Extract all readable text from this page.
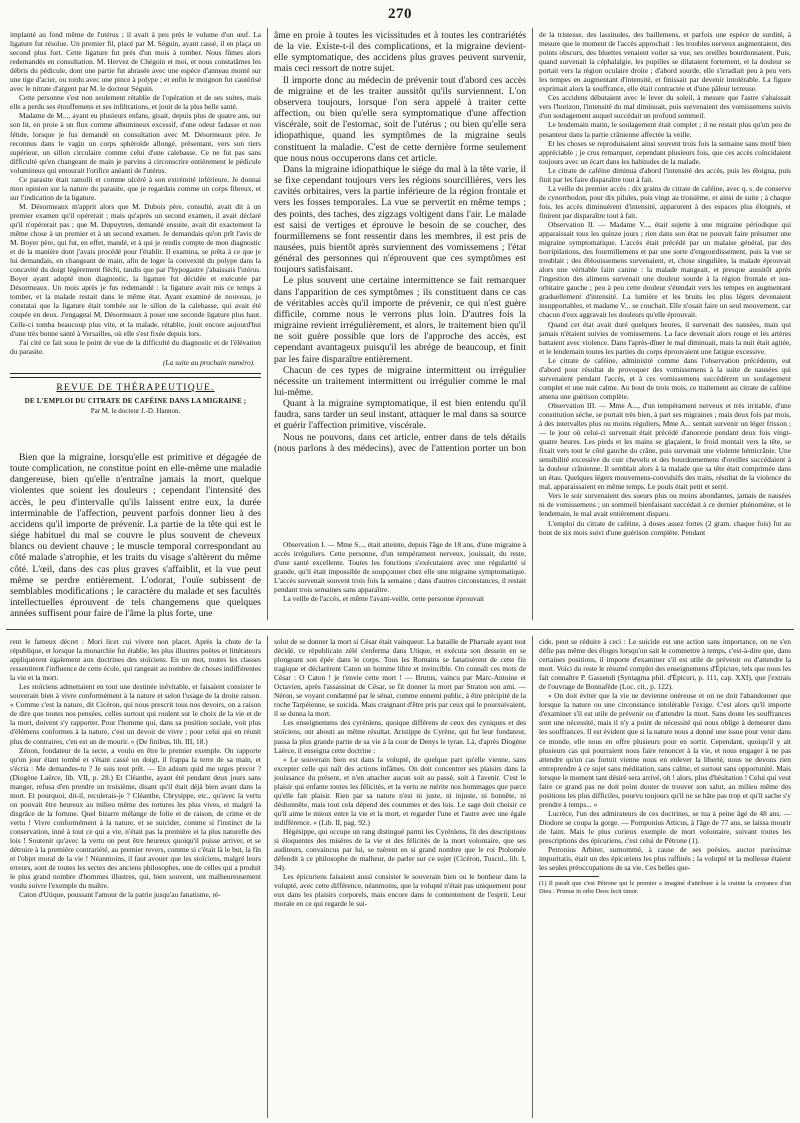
270

implanté au fond même de l'utérus ; il avait à peu près le volume d'un œuf. La ligature fut résolue. Un premier fil, placé par M. Séguin, ayant cassé, il en plaça un second plus fort. Cette ligature fut prés d'un mois à tomber. Nous fûmes alors redemandés en consultation. M. Hervez de Chégoin et moi, et nous constatâmes les débris du pédicule, dont une partie fut abrasée avec une espèce d'anneau monté sur une tige d'acier, ou tordu avec une pince à polype ; et enfin le moignon fut cautérisé avec le nitrate d'argent par M. le docteur Séguin.

Cette personne s'est non seulement rétablie de l'opération et de ses suites, mais elle a perdu ses étouffemens et ses infiltrations, et jouit de la plus belle santé.

Madame de M..., ayant eu plusieurs enfans, gisait, depuis plus de quatre ans, sur son lit, en proie à un flux comme albumineux excessif, d'une odeur fadasse et non fétide, lorsque je fus demandé en consultation avec M. Désormeaux père. Je reconnus dans le vagin un corps sphéroïde allongé, présentant, vers son tiers supérieur, un sillon circulaire comme celui d'une calebasse. Ce ne fut pas sans difficulté qu'en changeant de main je parvins à circonscrire entièrement le pédicule volumineux qui entourait l'orifice anéanti de l'utérus.

Ce parasite était ramolli et comme ulcéré à son extrémité inférieure. Je donnai mon opinion sur la nature du parasite, que je regardais comme un corps fibreux, et sur l'indication de la ligature.

M. Désormeaux m'apprit alors que M. Dubois père, consulté, avait dit à un premier examen qu'il opérerait ; mais qu'après un second examen, il avait déclaré qu'il n'opérerait pas ; que M. Dupuytren, demandé ensuite, avait dit exactement la même chose à un premier et à un second examen. Je demandais qu'on prît l'avis de M. Boyer père, qui fut, en effet, mandé, et à qui je rendis compte de mon diagnostic et de la manière dont j'avais procédé pour l'établir. Il examina, se prêta à ce que je lui demandais, en changeant de main, afin de loger la convexité du polype dans la concavité du doigt légèrement fléchi, tandis que par l'hypogastre j'abaissais l'utérus. Boyer ayant adopté mon diagnostic, la ligature fut décidée et exécutée par Désormeaux. Un mois après je fus redemandé : la ligature avait mis ce temps à tomber, et la malade restait dans le même état. Ayant examiné de nouveau, je constatai que la ligature était tombée sur le sillon de la calebasse, qui avait été coupée en deux. J'engageai M. Désormeaux à poser une seconde ligature plus haut. Celle-ci tomba beaucoup plus vite, et la malade, rétablie, jouit encore aujourd'hui d'une très bonne santé à Versailles, où elle s'est fixée depuis lors.

J'ai cité ce fait sous le point de vue de la difficulté du diagnostic et de l'élévation du parasite.

(La suite au prochain numéro).
REVUE DE THÉRAPEUTIQUE.
DE L'EMPLOI DU CITRATE DE CAFÉINE DANS LA MIGRAINE ;
Par M. le docteur J.-D. Hannon.

Bien que la migraine, lorsqu'elle est primitive et dégagée de toute complication, ne constitue point en elle-même une maladie dangereuse, bien qu'elle n'entraîne jamais la mort, quelque violentes que soient les douleurs ; cependant l'intensité des accès, le peu d'intervalle qu'ils laissent entre eux, la durée interminable de l'affection, peuvent parfois donner lieu à des accidens qu'il importe de prévenir. La partie de la tête qui est le siége habituel du mal se couvre le plus souvent de cheveux blancs ou devient chauve ; le muscle temporal correspondant au côté malade s'atrophie, et les traits du visage s'altèrent du même côté. L'œil, dans des cas plus graves s'affaiblit, et la vue peut même se perdre entièrement. L'odorat, l'ouïe subissent de semblables modifications ; le caractère du malade et ses facultés intellectuelles éprouvent de tels changemens que quelques années suffisent pour faire de l'âme la plus forte, une

âme en proie à toutes les vicissitudes et à toutes les contrariétés de la vie. Existe-t-il des complications, et la migraine devient-elle symptomatique, des accidens plus graves peuvent survenir, mais ceci ressort de notre sujet.

Il importe donc au médecin de prévenir tout d'abord ces accès de migraine et de les traiter aussitôt qu'ils surviennent. L'on observera toujours, lorsque l'on sera appelé à traiter cette affection, ou bien qu'elle sera symptomatique d'une affection viscérale, soit de l'estomac, soit de l'utérus ; ou bien qu'elle sera idiopathique, quand les symptômes de la migraine seuls constituent la maladie. C'est de cette dernière forme seulement que nous nous occuperons dans cet article.

Dans la migraine idiopathique le siége du mal à la tête varie, il se fixe cependant toujours vers les régions sourcillières, vers les cavités orbitaires, vers la partie inférieure de la région frontale et vers les fosses temporales. La vue se pervertit en même temps ; des points, des taches, des zigzags voltigent dans l'air. Le malade est saisi de vertiges et éprouve le besoin de se coucher, des fourmillemens se font ressentir dans les membres, il est pris de nausées, puis bientôt après surviennent des vomissemens ; l'état général des personnes qui n'éprouvent que ces symptômes est toujours satisfaisant.

Le plus souvent une certaine intermittence se fait remarquer dans l'apparition de ces symptômes ; ils constituent dans ce cas de véritables accès qu'il importe de prévenir, ce qui n'est guère difficile, comme nous le verrons plus loin. D'autres fois la migraine revient irrégulièrement, et alors, le traitement bien qu'il ne soit guère possible que lors de l'approche des accès, est cependant avantageux puisqu'il les abrége de beaucoup, et finit par les faire disparaître entièrement.

Chacun de ces types de migraine intermittent ou irrégulier nécessite un traitement intermittent ou irrégulier comme le mal lui-même.

Quant à la migraine symptomatique, il est bien entendu qu'il faudra, sans tarder un seul instant, attaquer le mal dans sa source et guérir l'affection primitive, viscérale.

Nous ne pouvons, dans cet article, entrer dans de tels détails (nous parlons à des médecins), avec de l'attention porter un bon

Observation I. — Mme S..., était atteinte, depuis l'âge de 18 ans, d'une migraine à accès irréguliers. Cette personne, d'un tempérament nerveux, jouissait, du reste, d'une santé excellente. Toutes les fonctions s'exécutaient avec une régularité si grande, qu'il était impossible de soupçonner chez elle une migraine symptomatique. L'accès survenait souvent trois fois la semaine ; dans d'autres circonstances, il restait pendant trois semaines sans apparaître.

La veille de l'accès, et même l'avant-veille, cette personne éprouvait

de la tristesse, des lassitudes, des baillemens, et parfois une espèce de surdité, à mesure que le moment de l'accès approchait : les troubles nerveux augmentaient, des points obscurs, des bluettes venaient voiler sa vue, ses oreilles bourdonnaient. Puis, quand survenait la céphalalgie, les pupilles se dilataient fortement, et la douleur se portait vers la région oculaire droite ; d'abord sourde, elle s'irradiait peu à peu vers les tempes en augmentant d'intensité, et finissait par devenir intolérable. La figure exprimait alors la souffrance, elle était contractée et d'une pâleur terreuse.

Ces accidens débutaient avec le lever du soleil, à mesure que l'astre s'abaissait vers l'horizon, l'intensité du mal diminuait, puis survenaient des vomissemens suivis d'un soulagement auquel succédait un profond sommeil.

Le lendemain matin, le soulagement était complet ; il ne restait plus qu'un peu de pesanteur dans la partie crânienne affectée la veille.

Et les choses se reproduisaient ainsi souvent trois fois la semaine sans motif bien appréciable ; je crus remarquer, cependant plusieurs fois, que ces accès coïncidaient toujours avec un écart dans les habitudes de la malade.

Le citrate de caféine diminua d'abord l'intensité des accès, puis les éloigna, puis finit par les faire disparaître tout à fait.

La veille du premier accès : dix grains de citrate de caféine, avec q. s. de conserve de cynorrhodon, pour dix pilules, puis vingt au troisième, et ainsi de suite ; à chaque fois, les accès diminuèrent d'intensité, apparurent à des espaces plus éloignés, et finirent par disparaître tout à fait.

Observation II. — Madame V..., était sujette à une migraine périodique qui apparaissait tous les quinze jours ; rien dans son état ne pouvait faire présumer une migraine symptomatique. L'accès était précédé par un malaise général, par des horripilations, des fourmillemens et par une sorte d'engourdissement, puis la vue se troublait ; des éblouissemens survenaient, et, chose singulière, la malade éprouvait alors une véritable faim canine : la malade mangeait, et presque aussitôt après l'ingestion des alimens survenait une douleur sourde à la région frontale et sus-orbitaire gauche ; peu à peu cette douleur s'étendait vers les tempes en augmentant graduellement d'intensité. La lumière et les bruits les plus légers devenaient insupportables, et madame V... se couchait. Elle n'osait faire un seul mouvement, car chacun d'eux aggravait les douleurs qu'elle éprouvait.

Quand cet état avait duré quelques heures, il survenait des nausées, mais qui jamais n'étaient suivies de vomissemens. La face devenait alors rouge et les artères battaient avec violence. Dans l'après-dîner le mal diminuait, mais la nuit était agitée, et le lendemain toutes les parties du corps éprouvaient une fatigue excessive.

Le citrate de caféine, administré comme dans l'observation précédente, eut d'abord pour résultat de provoquer des vomissemens à la suite de nausées qui survenaient pendant l'accès, et à ces vomissemens succédèrent un soulagement complet et une nuit calme. Au bout de trois mois, ce traitement au citrate de caféine amena une guérison complète.

Observation III. — Mme A..., d'un tempérament nerveux et très irritable, d'une constitution sèche, se portait très bien, à part ses migraines ; mais deux fois par mois, à des intervalles plus ou moins réguliers, Mme A... sentait survenir un léger frisson ; — le jour où celui-ci survenait était précédé d'anorexie pendant deux fois vingt-quatre heures. Les pieds et les mains se glaçaient, le froid montait vers la tête, se fixait vers tout le côté gauche du crâne, puis survenait une violente hémicrânie. Une sensibilité excessive du cuir chevelu et des bourdonnemens d'oreilles succédaient à la douleur crânienne. Il semblait alors à la malade que sa tête était comprimée dans un étau. Quelques légers mouvemens-convulsifs des traits, résultat de la violence du mal, apparaissaient en même temps. Le pouls était petit et serré.

Vers le soir survenaient des sueurs plus ou moins abondantes, jamais de nausées ni de vomissemens ; un sommeil bienfaisant succédait à ce dernier phénomène, et le lendemain, le mal avait entièrement disparu.

L'emploi du citrate de caféine, à doses assez fortes (2 gram. chaque fois) fut au bout de six mois suivi d'une guérison complète. Pendant

rent le fameux décret : Mori licet cui vivere non placet. Après la chute de la république, et lorsque la monarchie fut établie, les plus illustres poètes et littérateurs appliquèrent également aux doctrines des stoïciens. En un mot, toutes les classes ressentirent l'influence de cette école, qui rangeait au nombre de choses indifférentes la vie et la mort.

Les stoïciens admettaient en tout une destinée inévitable, et faisaient consister le souverain bien à vivre conformément à la nature et selon l'usage de la droite raison. « Comme c'est la nature, dit Cicéron, qui nous prescrit tous nos devoirs, on a raison de dire que toutes nos pensées, celles surtout qui roulent sur le choix de la vie et de la mort, doivent s'y rapporter. Pour l'homme qui, dans sa position sociale, voit plus d'élémens conformes à la nature, c'est un devoir de vivre ; pour celui qui en réunit plus de contraires, c'en est un de mourir. » (De finibus, lib. III, 18.)

Zénon, fondateur de la secte, a voulu en être le premier exemple. On rapporte qu'un jour étant tombé et s'étant cassé un doigt, il frappa la terre de sa main, et s'écria : Me demandes-tu ? Je suis tout prêt. — En adsum quid me urges precor ? (Diogène Laërce, lib. VII, p. 28.) Et Cléanthe, ayant été pendant deux jours sans manger, refusa d'en prendre un troisième, disant qu'il était déjà bien avant dans la mort. Et pourquoi, dit-il, reculerais-je ? Cléanthe, Chrysippe, etc., qu'avec la vertu on pouvait être heureux au milieu même des tortures les plus vives, et malgré la disgrâce de la fortune. Quel bizarre mélange de folie et de raison, de crime et de vertu ! Vivre conformément à la nature, et se suicider, comme si l'instinct de la conservation, inné à tout ce qui a vie, n'était pas la première et la plus naturelle des lois ! Soutenir qu'avec la vertu on peut être heureux quoiqu'il puisse arriver, et se détruire à la première contrariété, au premier revers, comme si c'était là le but, la fin et l'objet moral de la vie ! Néanmoins, il faut avouer que les stoïciens, malgré leurs erreurs, sont de toutes les sectes des anciens philosophes, une de celles qui a produit le plus grand nombre d'hommes illustres, qui, bien souvent, ont malheureusement voulu suivre l'exemple du maître.

Caton d'Utique, poussant l'amour de la patrie jusqu'au fanatisme, ré-

solut de se donner la mort si César était vainqueur. La bataille de Pharsale ayant tout décidé, ce républicain zélé s'enferma dans Utique, et exécuta son dessein en se plongeant son épée dans le corps. Tous les Romains se fanatisèrent de cette fin tragique et déclarèrent Caton un homme libre et invincible. On connaît ces mots de César : O Caton ! je t'envie cette mort ! — Brutus, vaincu par Marc-Antoine et Octavien, après l'assassinat de César, se fit donner la mort par Straton son ami. — Néron, se voyant condamné par le sénat, comme ennemi public, à être précipité de la roche Tarpéienne, se suicida. Mais craignant d'être pris par ceux qui le poursuivaient, il se donna la mort.

Les enseignemens des cyrénïens, quoique différens de ceux des cyniques et des stoïciens, ont abouti au même résultat. Aristippe de Cyrène, qui fut leur fondateur, passa la plus grande partie de sa vie à la cour de Denys le tyran. Là, d'après Diogène Laërce, il enseigna cette doctrine :

« Le souverain bien est dans la volupté, de quelque part qu'elle vienne, sans excepter celle qui naît des actions infâmes. On doit concentrer ses plaisirs dans la jouissance du présent, et n'en attacher aucun soit au passé, soit à l'avenir. C'est le plaisir qui enfante toutes les félicités, et la vertu ne mérite nos hommages que parce qu'elle fait plaisir. Rien par sa nature n'est ni juste, ni injuste, ni honnête, ni déshonnête, mais tout cela dépend des coutumes et des lois. Le sage doit choisir ce qu'il aime le mieux entre la vie et la mort, et regarder l'une et l'autre avec une égale indifférence. » (Lib. II, pag. 92.)

Hégésippe, qui occupe un rang distingué parmi les Cyrénïens, fit des descriptions si éloquentes des misères de la vie et des félicités de la mort volontaire, que ses auditeurs, convaincus par lui, se tuèrent en si grand nombre que le roi Ptolomée défendit à ce philosophe de malheur, de parler sur ce sujet (Cicéron, Tuscul., lib. I, 34).

Les épicuriens faisaient aussi consister le souverain bien ou le bonheur dans la volupté, avec cette différence, néanmoins, que la volupté n'était pas uniquement pour eux dans les plaisirs corporels, mais encore dans le contentement de l'esprit. Leur morale en ce qui regarde le sui-

cide, peut se réduire à ceci : Le suicide est une action sans importance, on ne s'en défie pas même des éloges lorsqu'on sait le commettre à temps, c'est-à-dire que, dans certaines positions, il importe d'examiner s'il est utile de prévenir ou d'attendre la mort. Voici du reste le résumé complet des enseignemens d'Épicure, tels que nous les fait connaître P. Gassendi (Syntagma phil. d'Épicuri, p. 111, cap. XXI), que j'extrais de l'ouvrage de Bonnafède (Loc. cit., p. 122).

« On doit éviter que la vie ne devienne onéreuse et on ne doit l'abandonner que lorsque la nature ou une circonstance intolérable l'exige. C'est alors qu'il importe d'examiner s'il est utile de prévenir ou d'attendre la mort. Sans doute les souffrances sont une nécessité, mais il n'y a point de nécessité qui nous oblige à demeurer dans les souffrances. Il est évident que si la nature nous a donné une issue pour venir dans ce monde, elle nous en offre plusieurs pour en sortir. Cependant, quoiqu'il y ait plusieurs cas qui pourraient nous faire renoncer à la vie, et nous engager à ne pas attendre qu'un cas fortuit vienne nous en enlever la liberté, nous ne devons rien entreprendre à ce sujet sans méditation, sans calme, et surtout sans opportunité. Mais lorsque le moment tant désiré sera arrivé, oh ! alors, plus d'hésitation ! Celui qui veut faire ce grand pas ne doit point douter de trouver son salut, au milieu même des positions les plus difficiles, pourvu toujours qu'il ne se hâte pas trop et qu'il sache s'y prendre à temps... »

Lucrèce, l'un des admirateurs de ces doctrines, se tua à peine âgé de 48 ans. — Diodore se coupa la gorge. — Pomponius Atticus, à l'âge de 77 ans, se laissa mourir de faim. Mais le plus curieux exemple de mort volontaire, suivant toutes les prescriptions des épicuriens, c'est celui de Pétrone (1).

Petronius Arbiter, surnommé, à cause de ses poésies, auctor purissimæ impuritatis, était un des épicuriens les plus raffinés ; la volupté et la mollesse étaient les seules préoccupations de sa vie. Ces belles que-

(1) Il paraît que c'est Pétrone qui le premier a imaginé d'attribuer à la crainte la croyance d'un Dieu : Primus in orbe Deos fecit timor.
